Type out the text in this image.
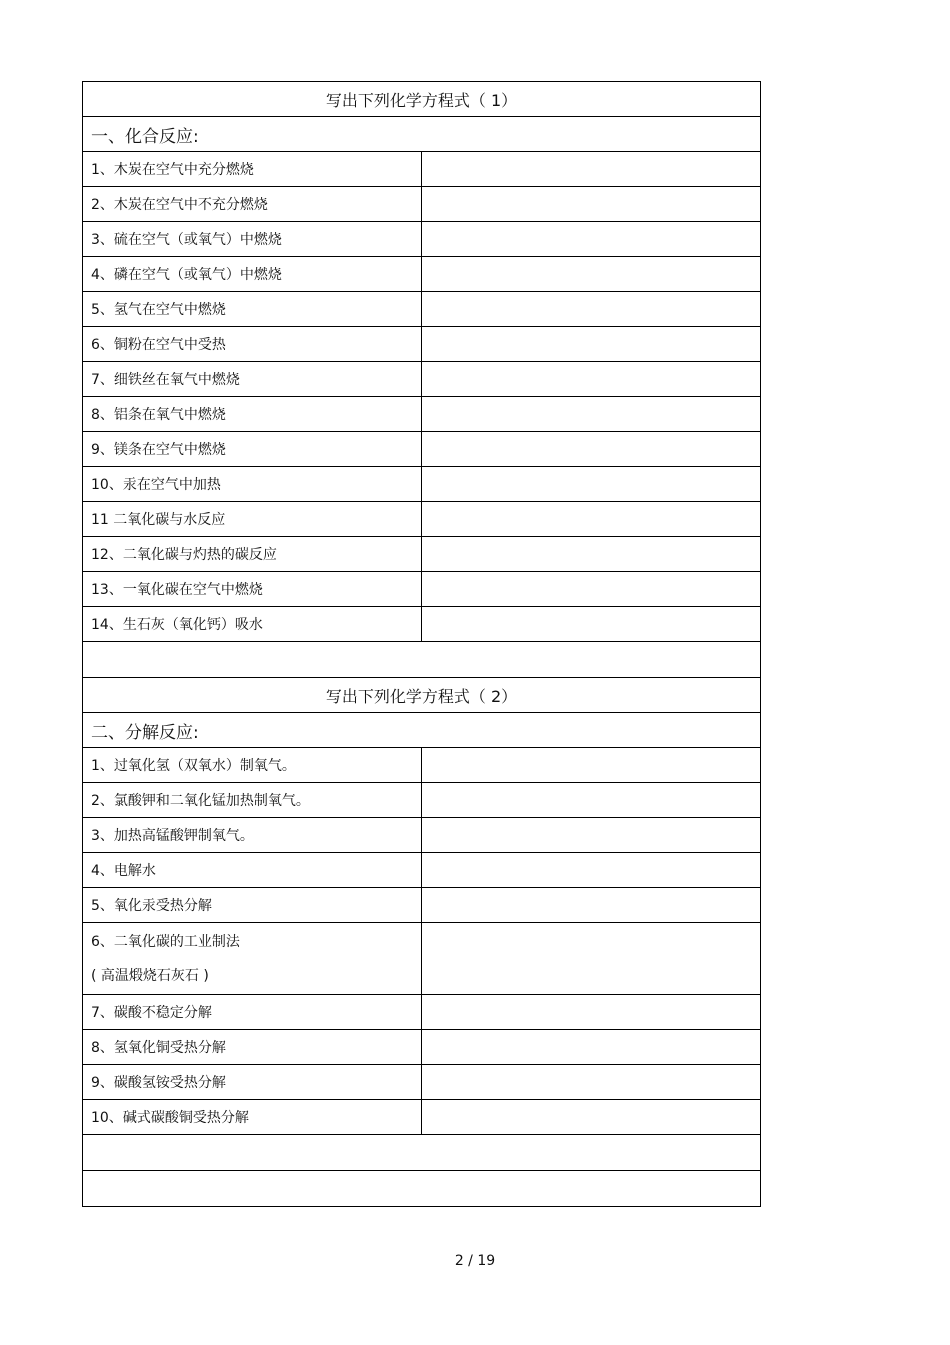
写出下列化学方程式（ 1）	
一、化合反应:	
1、木炭在空气中充分燃烧	
2、木炭在空气中不充分燃烧	
3、硫在空气（或氧气）中燃烧	
4、磷在空气（或氧气）中燃烧	
5、氢气在空气中燃烧	
6、铜粉在空气中受热	
7、细铁丝在氧气中燃烧	
8、铝条在氧气中燃烧	
9、镁条在空气中燃烧	
10、汞在空气中加热	
11 二氧化碳与水反应	
12、二氧化碳与灼热的碳反应	
13、一氧化碳在空气中燃烧	
14、生石灰（氧化钙）吸水	

写出下列化学方程式（ 2）	
二、分解反应:	
1、过氧化氢（双氧水）制氧气。	
2、氯酸钾和二氧化锰加热制氧气。	
3、加热高锰酸钾制氧气。	
4、电解水	
5、氧化汞受热分解	

6、二氧化碳的工业制法
( 高温煅烧石灰石 )	

7、碳酸不稳定分解	
8、氢氧化铜受热分解	
9、碳酸氢铵受热分解	
10、碱式碳酸铜受热分解	

2 / 19
